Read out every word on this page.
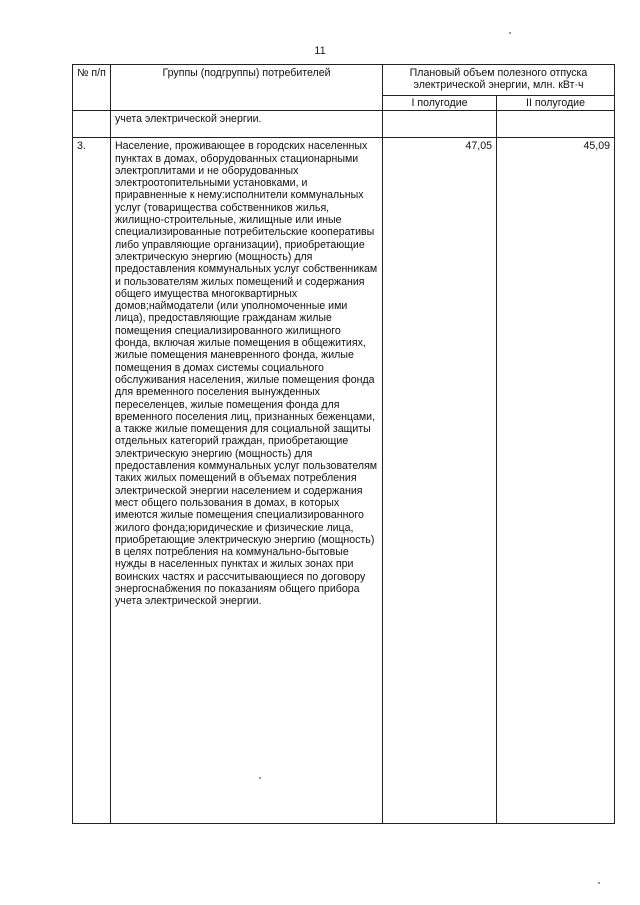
11
№ п/п	Группы (подгруппы) потребителей	Плановый объем полезного отпуска электрической энергии, млн. кВт·ч	
		I полугодие	II полугодие
	учета электрической энергии.		
3.	Население, проживающее в городских населенных пунктах в домах, оборудованных стационарными электроплитами и не оборудованных электроотопительными установками, и приравненные к нему:исполнители коммунальных услуг (товарищества собственников жилья, жилищно-строительные, жилищные или иные специализированные потребительские кооперативы либо управляющие организации), приобретающие электрическую энергию (мощность) для предоставления коммунальных услуг собственникам и пользователям жилых помещений и содержания общего имущества многоквартирных домов;наймодатели (или уполномоченные ими лица), предоставляющие гражданам жилые помещения специализированного жилищного фонда, включая жилые помещения в общежитиях, жилые помещения маневренного фонда, жилые помещения в домах системы социального обслуживания населения, жилые помещения фонда для временного поселения вынужденных переселенцев, жилые помещения фонда для временного поселения лиц, признанных беженцами, а также жилые помещения для социальной защиты отдельных категорий граждан, приобретающие электрическую энергию (мощность) для предоставления коммунальных услуг пользователям таких жилых помещений в объемах потребления электрической энергии населением и содержания мест общего пользования в домах, в которых имеются жилые помещения специализированного жилого фонда;юридические и физические лица, приобретающие электрическую энергию (мощность) в целях потребления на коммунально-бытовые нужды в населенных пунктах и жилых зонах при воинских частях и рассчитывающиеся по договору энергоснабжения по показаниям общего прибора учета электрической энергии.	47,05	45,09
